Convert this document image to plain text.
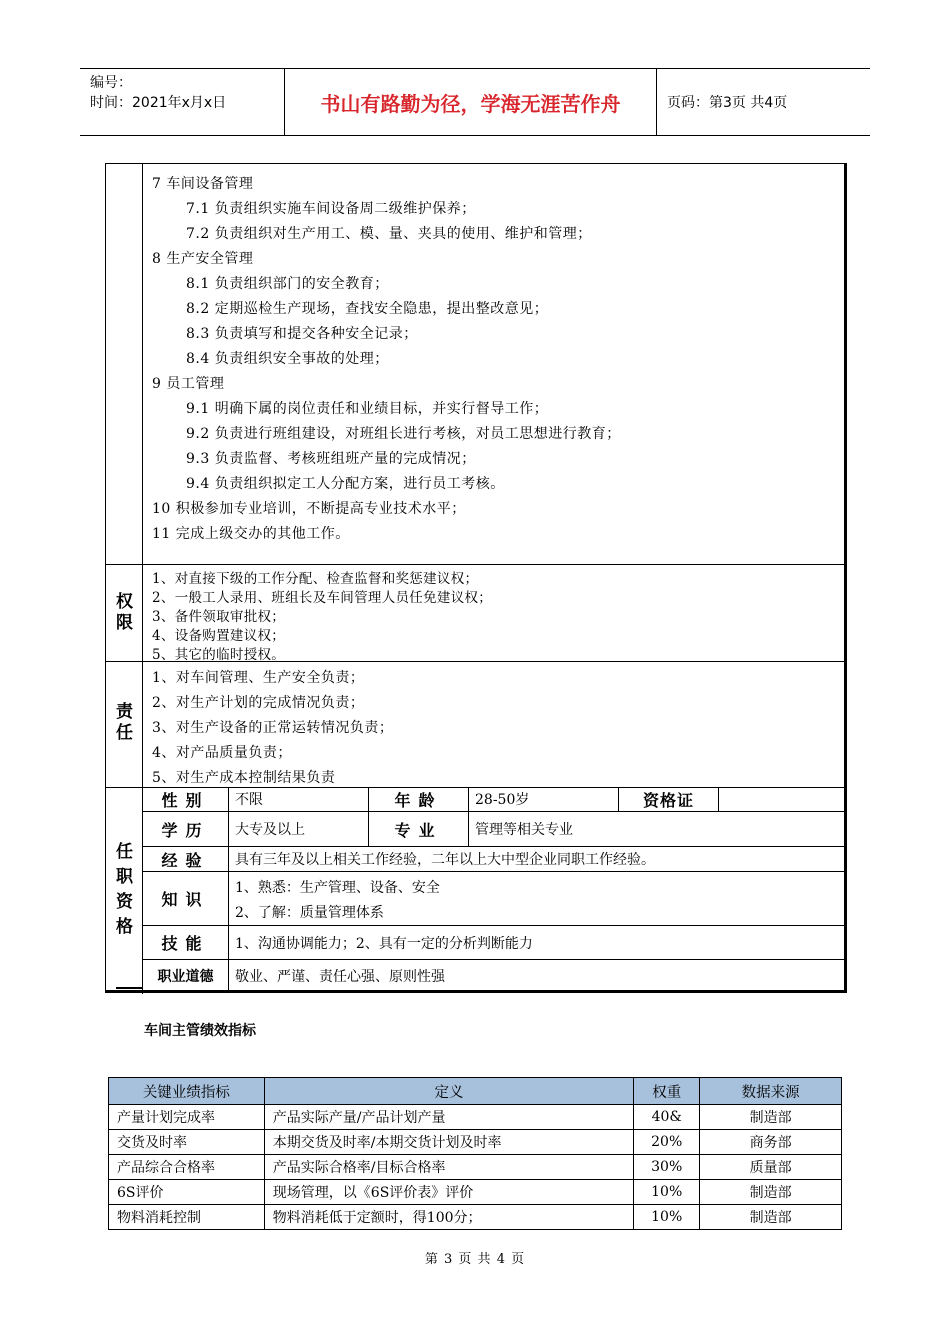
编号：
时间：2021年x月x日	书山有路勤为径，学海无涯苦作舟	页码：第3页 共4页
7 车间设备管理
7.1 负责组织实施车间设备周二级维护保养；
7.2 负责组织对生产用工、模、量、夹具的使用、维护和管理；
8 生产安全管理
8.1 负责组织部门的安全教育；
8.2 定期巡检生产现场，查找安全隐患，提出整改意见；
8.3 负责填写和提交各种安全记录；
8.4 负责组织安全事故的处理；
9 员工管理
9.1 明确下属的岗位责任和业绩目标，并实行督导工作；
9.2 负责进行班组建设，对班组长进行考核，对员工思想进行教育；
9.3 负责监督、考核班组班产量的完成情况；
9.4 负责组织拟定工人分配方案，进行员工考核。
10 积极参加专业培训，不断提高专业技术水平；
11 完成上级交办的其他工作。
权
限
1、对直接下级的工作分配、检查监督和奖惩建议权；
2、一般工人录用、班组长及车间管理人员任免建议权；
3、备件领取审批权；
4、设备购置建议权；
5、其它的临时授权。
责
任
1、对车间管理、生产安全负责；
2、对生产计划的完成情况负责；
3、对生产设备的正常运转情况负责；
4、对产品质量负责；
5、对生产成本控制结果负责
任
职
资
格
性别	不限	年龄	28-50岁	资格证
学历	大专及以上	专业	管理等相关专业
经验	具有三年及以上相关工作经验，二年以上大中型企业同职工作经验。
知识
1、熟悉：生产管理、设备、安全
2、了解：质量管理体系
技能	1、沟通协调能力；2、具有一定的分析判断能力
职业道德	敬业、严谨、责任心强、原则性强
车间主管绩效指标
关键业绩指标	定义	权重	数据来源
产量计划完成率	产品实际产量/产品计划产量	40&	制造部
交货及时率	本期交货及时率/本期交货计划及时率	20%	商务部
产品综合合格率	产品实际合格率/目标合格率	30%	质量部
6S评价	现场管理，以《6S评价表》评价	10%	制造部
物料消耗控制	物料消耗低于定额时，得100分；	10%	制造部
第 3 页 共 4 页
